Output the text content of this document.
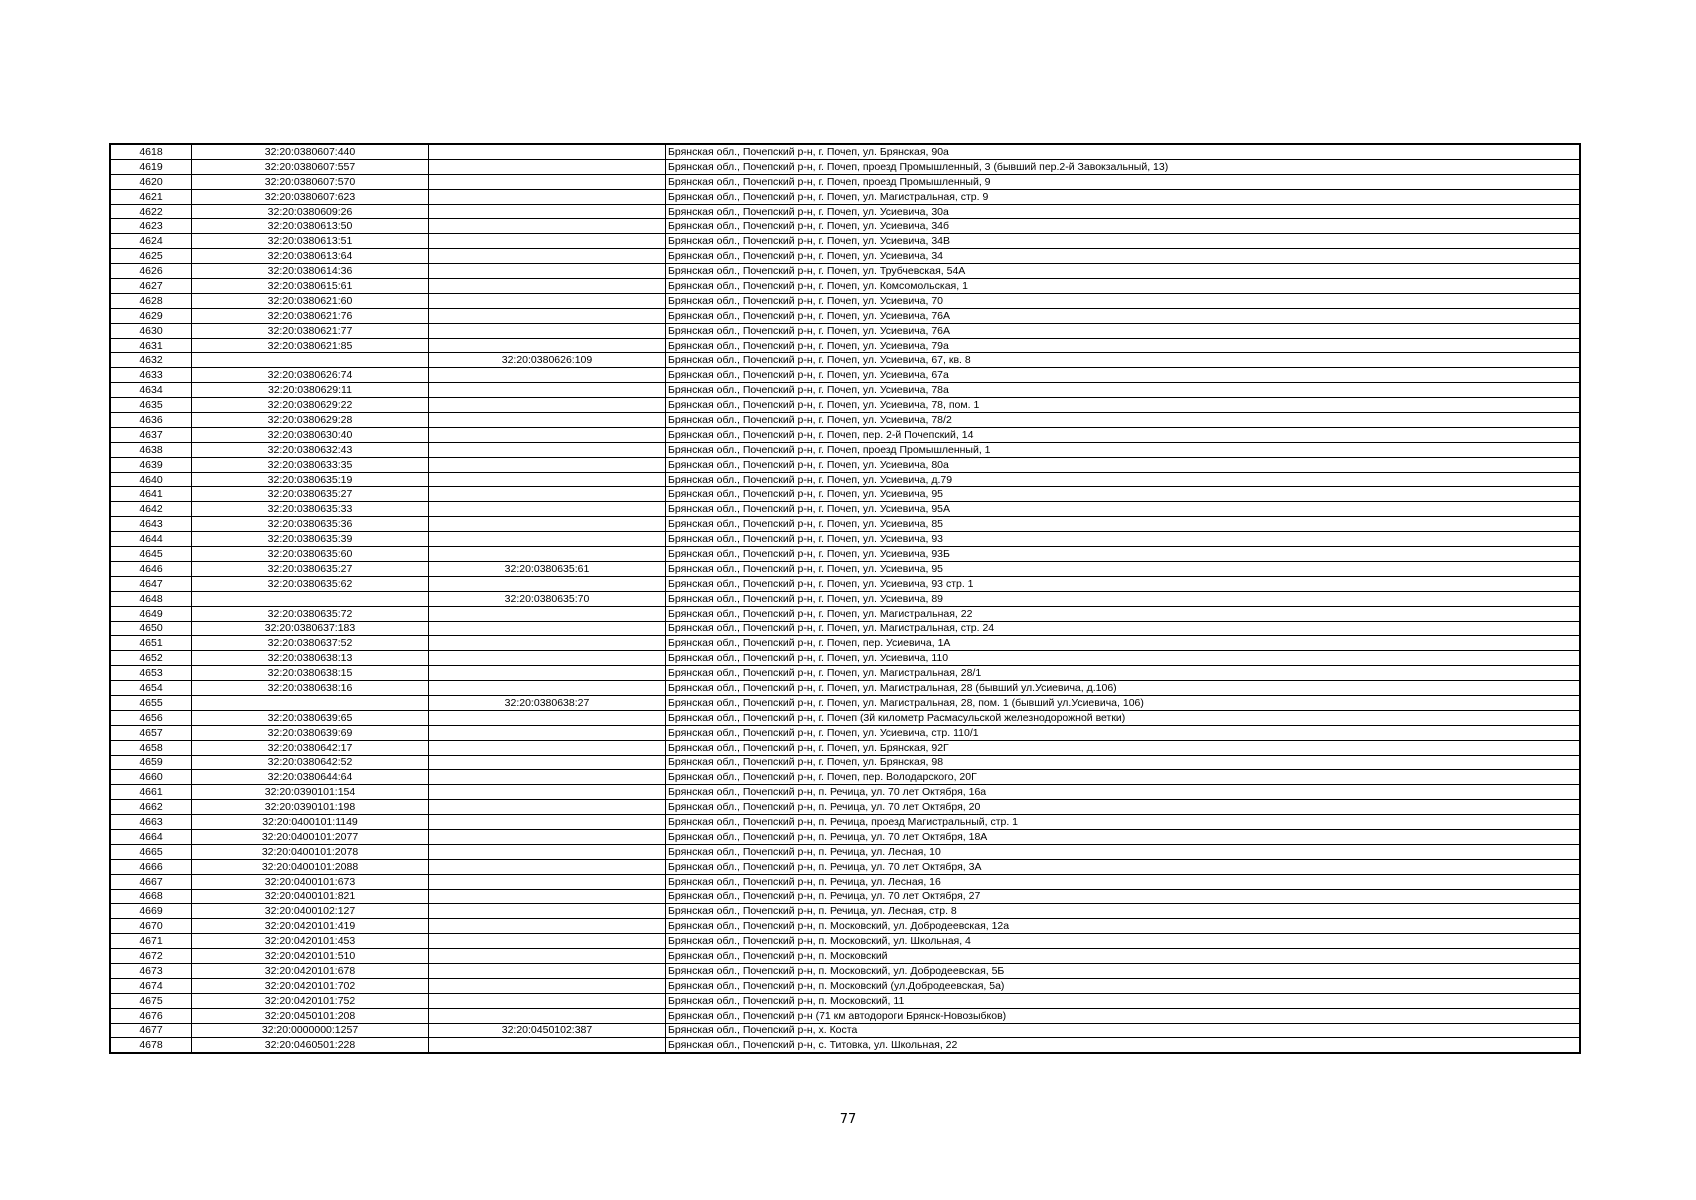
4618	32:20:0380607:440		Брянская обл., Почепский р-н, г. Почеп, ул. Брянская, 90а
4619	32:20:0380607:557		Брянская обл., Почепский р-н, г. Почеп, проезд Промышленный, 3 (бывший пер.2-й Завокзальный, 13)
4620	32:20:0380607:570		Брянская обл., Почепский р-н, г. Почеп, проезд Промышленный, 9
4621	32:20:0380607:623		Брянская обл., Почепский р-н, г. Почеп, ул. Магистральная, стр. 9
4622	32:20:0380609:26		Брянская обл., Почепский р-н, г. Почеп, ул. Усиевича, 30а
4623	32:20:0380613:50		Брянская обл., Почепский р-н, г. Почеп, ул. Усиевича, 34б
4624	32:20:0380613:51		Брянская обл., Почепский р-н, г. Почеп, ул. Усиевича, 34В
4625	32:20:0380613:64		Брянская обл., Почепский р-н, г. Почеп, ул. Усиевича, 34
4626	32:20:0380614:36		Брянская обл., Почепский р-н, г. Почеп, ул. Трубчевская, 54А
4627	32:20:0380615:61		Брянская обл., Почепский р-н, г. Почеп, ул. Комсомольская, 1
4628	32:20:0380621:60		Брянская обл., Почепский р-н, г. Почеп, ул. Усиевича, 70
4629	32:20:0380621:76		Брянская обл., Почепский р-н, г. Почеп, ул. Усиевича, 76А
4630	32:20:0380621:77		Брянская обл., Почепский р-н, г. Почеп, ул. Усиевича, 76А
4631	32:20:0380621:85		Брянская обл., Почепский р-н, г. Почеп, ул. Усиевича, 79а
4632		32:20:0380626:109	Брянская обл., Почепский р-н, г. Почеп, ул. Усиевича, 67, кв. 8
4633	32:20:0380626:74		Брянская обл., Почепский р-н, г. Почеп, ул. Усиевича, 67а
4634	32:20:0380629:11		Брянская обл., Почепский р-н, г. Почеп, ул. Усиевича, 78а
4635	32:20:0380629:22		Брянская обл., Почепский р-н, г. Почеп, ул. Усиевича, 78, пом. 1
4636	32:20:0380629:28		Брянская обл., Почепский р-н, г. Почеп, ул. Усиевича, 78/2
4637	32:20:0380630:40		Брянская обл., Почепский р-н, г. Почеп, пер. 2-й Почепский, 14
4638	32:20:0380632:43		Брянская обл., Почепский р-н, г. Почеп, проезд Промышленный, 1
4639	32:20:0380633:35		Брянская обл., Почепский р-н, г. Почеп, ул. Усиевича, 80а
4640	32:20:0380635:19		Брянская обл., Почепский р-н, г. Почеп, ул. Усиевича, д.79
4641	32:20:0380635:27		Брянская обл., Почепский р-н, г. Почеп, ул. Усиевича, 95
4642	32:20:0380635:33		Брянская обл., Почепский р-н, г. Почеп, ул. Усиевича, 95А
4643	32:20:0380635:36		Брянская обл., Почепский р-н, г. Почеп, ул. Усиевича, 85
4644	32:20:0380635:39		Брянская обл., Почепский р-н, г. Почеп, ул. Усиевича, 93
4645	32:20:0380635:60		Брянская обл., Почепский р-н, г. Почеп, ул. Усиевича, 93Б
4646	32:20:0380635:27	32:20:0380635:61	Брянская обл., Почепский р-н, г. Почеп, ул. Усиевича, 95
4647	32:20:0380635:62		Брянская обл., Почепский р-н, г. Почеп, ул. Усиевича, 93 стр. 1
4648		32:20:0380635:70	Брянская обл., Почепский р-н, г. Почеп, ул. Усиевича, 89
4649	32:20:0380635:72		Брянская обл., Почепский р-н, г. Почеп, ул. Магистральная, 22
4650	32:20:0380637:183		Брянская обл., Почепский р-н, г. Почеп, ул. Магистральная, стр. 24
4651	32:20:0380637:52		Брянская обл., Почепский р-н, г. Почеп, пер. Усиевича, 1А
4652	32:20:0380638:13		Брянская обл., Почепский р-н, г. Почеп, ул. Усиевича, 110
4653	32:20:0380638:15		Брянская обл., Почепский р-н, г. Почеп, ул. Магистральная, 28/1
4654	32:20:0380638:16		Брянская обл., Почепский р-н, г. Почеп, ул. Магистральная, 28 (бывший ул.Усиевича, д.106)
4655		32:20:0380638:27	Брянская обл., Почепский р-н, г. Почеп, ул. Магистральная, 28, пом. 1 (бывший ул.Усиевича, 106)
4656	32:20:0380639:65		Брянская обл., Почепский р-н, г. Почеп (3й километр Расмасульской железнодорожной ветки)
4657	32:20:0380639:69		Брянская обл., Почепский р-н, г. Почеп, ул. Усиевича, стр. 110/1
4658	32:20:0380642:17		Брянская обл., Почепский р-н, г. Почеп, ул. Брянская, 92Г
4659	32:20:0380642:52		Брянская обл., Почепский р-н, г. Почеп, ул. Брянская, 98
4660	32:20:0380644:64		Брянская обл., Почепский р-н, г. Почеп, пер. Володарского, 20Г
4661	32:20:0390101:154		Брянская обл., Почепский р-н, п. Речица, ул. 70 лет Октября, 16а
4662	32:20:0390101:198		Брянская обл., Почепский р-н, п. Речица, ул. 70 лет Октября, 20
4663	32:20:0400101:1149		Брянская обл., Почепский р-н, п. Речица, проезд Магистральный, стр. 1
4664	32:20:0400101:2077		Брянская обл., Почепский р-н, п. Речица, ул. 70 лет Октября, 18А
4665	32:20:0400101:2078		Брянская обл., Почепский р-н, п. Речица, ул. Лесная, 10
4666	32:20:0400101:2088		Брянская обл., Почепский р-н, п. Речица, ул. 70 лет Октября, 3А
4667	32:20:0400101:673		Брянская обл., Почепский р-н, п. Речица, ул. Лесная, 16
4668	32:20:0400101:821		Брянская обл., Почепский р-н, п. Речица, ул. 70 лет Октября, 27
4669	32:20:0400102:127		Брянская обл., Почепский р-н, п. Речица, ул. Лесная, стр. 8
4670	32:20:0420101:419		Брянская обл., Почепский р-н, п. Московский, ул. Добродеевская, 12а
4671	32:20:0420101:453		Брянская обл., Почепский р-н, п. Московский, ул. Школьная, 4
4672	32:20:0420101:510		Брянская обл., Почепский р-н, п. Московский
4673	32:20:0420101:678		Брянская обл., Почепский р-н, п. Московский, ул. Добродеевская, 5Б
4674	32:20:0420101:702		Брянская обл., Почепский р-н, п. Московский (ул.Добродеевская, 5а)
4675	32:20:0420101:752		Брянская обл., Почепский р-н, п. Московский, 11
4676	32:20:0450101:208		Брянская обл., Почепский р-н (71 км автодороги Брянск-Новозыбков)
4677	32:20:0000000:1257	32:20:0450102:387	Брянская обл., Почепский р-н, х. Коста
4678	32:20:0460501:228		Брянская обл., Почепский р-н, с. Титовка, ул. Школьная, 22
77
